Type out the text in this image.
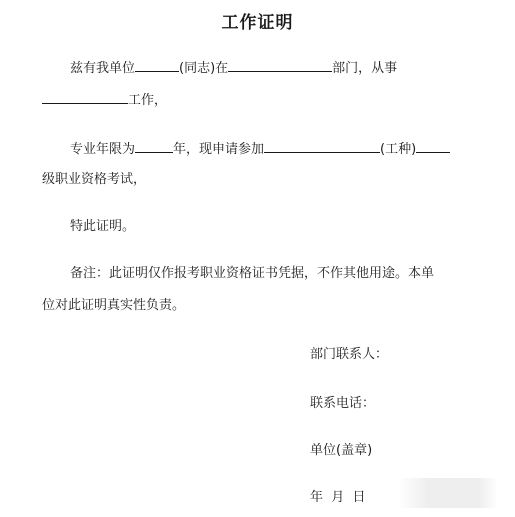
工作证明
兹有我单位	(同志)在	部门，从事
工作，
专业年限为	年，现申请参加	(工种)
级职业资格考试，
特此证明。
备注：此证明仅作报考职业资格证书凭据，不作其他用途。本单
位对此证明真实性负责。
部门联系人：
联系电话：
单位(盖章)
年  月  日
